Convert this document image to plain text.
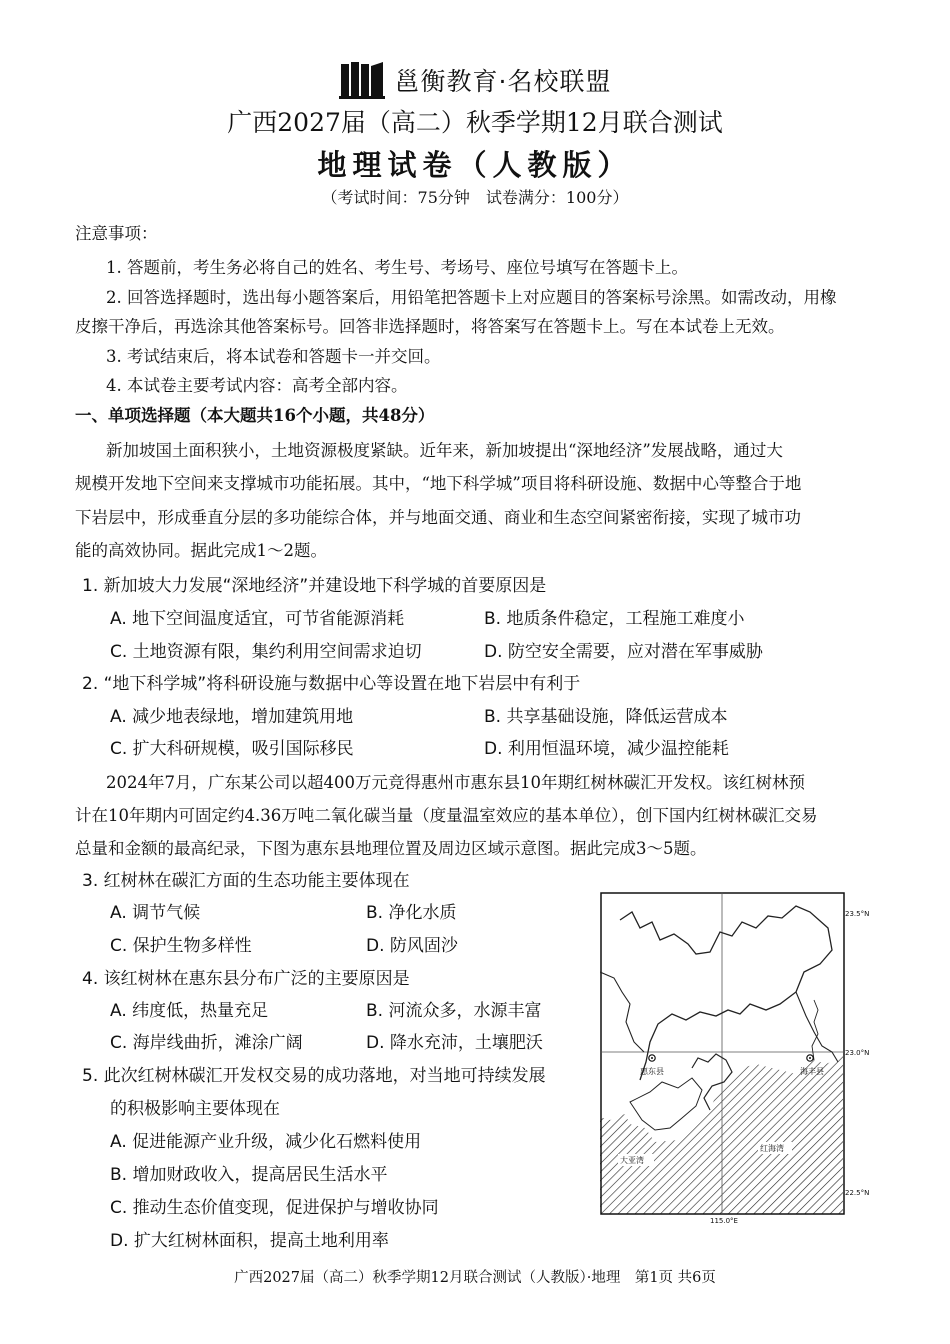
邕衡教育·名校联盟
广西2027届（高二）秋季学期12月联合测试
地理试卷（人教版）
（考试时间：75分钟　试卷满分：100分）
注意事项：
1. 答题前，考生务必将自己的姓名、考生号、考场号、座位号填写在答题卡上。
2. 回答选择题时，选出每小题答案后，用铅笔把答题卡上对应题目的答案标号涂黑。如需改动，用橡
皮擦干净后，再选涂其他答案标号。回答非选择题时，将答案写在答题卡上。写在本试卷上无效。
3. 考试结束后，将本试卷和答题卡一并交回。
4. 本试卷主要考试内容：高考全部内容。
一、单项选择题（本大题共16个小题，共48分）
新加坡国土面积狭小，土地资源极度紧缺。近年来，新加坡提出“深地经济”发展战略，通过大
规模开发地下空间来支撑城市功能拓展。其中，“地下科学城”项目将科研设施、数据中心等整合于地
下岩层中，形成垂直分层的多功能综合体，并与地面交通、商业和生态空间紧密衔接，实现了城市功
能的高效协同。据此完成1～2题。
1. 新加坡大力发展“深地经济”并建设地下科学城的首要原因是
A. 地下空间温度适宜，可节省能源消耗	B. 地质条件稳定，工程施工难度小
C. 土地资源有限，集约利用空间需求迫切	D. 防空安全需要，应对潜在军事威胁
2. “地下科学城”将科研设施与数据中心等设置在地下岩层中有利于
A. 减少地表绿地，增加建筑用地	B. 共享基础设施，降低运营成本
C. 扩大科研规模，吸引国际移民	D. 利用恒温环境，减少温控能耗
2024年7月，广东某公司以超400万元竞得惠州市惠东县10年期红树林碳汇开发权。该红树林预
计在10年期内可固定约4.36万吨二氧化碳当量（度量温室效应的基本单位），创下国内红树林碳汇交易
总量和金额的最高纪录，下图为惠东县地理位置及周边区域示意图。据此完成3～5题。
3. 红树林在碳汇方面的生态功能主要体现在
A. 调节气候	B. 净化水质
C. 保护生物多样性	D. 防风固沙
4. 该红树林在惠东县分布广泛的主要原因是
A. 纬度低，热量充足	B. 河流众多，水源丰富
C. 海岸线曲折，滩涂广阔	D. 降水充沛，土壤肥沃
5. 此次红树林碳汇开发权交易的成功落地，对当地可持续发展
的积极影响主要体现在
A. 促进能源产业升级，减少化石燃料使用
B. 增加财政收入，提高居民生活水平
C. 推动生态价值变现，促进保护与增收协同
D. 扩大红树林面积，提高土地利用率
惠东县	海丰县
大亚湾
红海湾
23.5°N
23.0°N
22.5°N
115.0°E
广西2027届（高二）秋季学期12月联合测试（人教版）·地理　第1页 共6页
